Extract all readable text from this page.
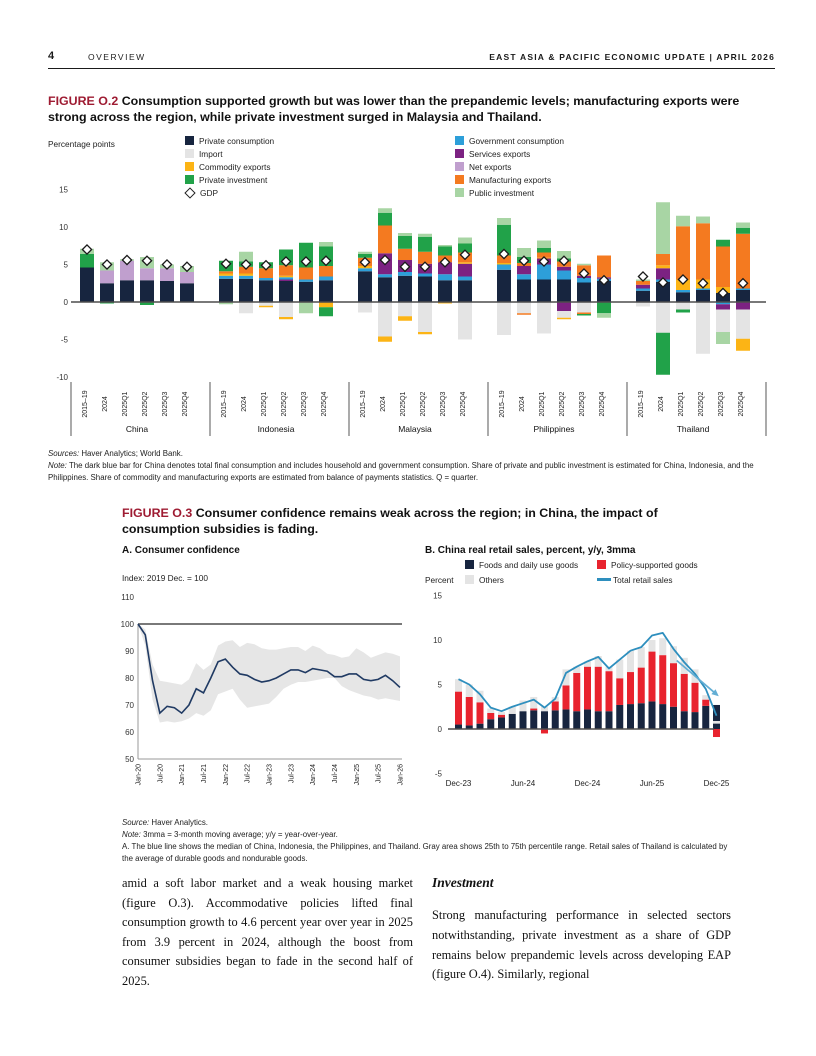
4	OVERVIEW	EAST ASIA & PACIFIC ECONOMIC UPDATE | APRIL 2026
FIGURE O.2 Consumption supported growth but was lower than the prepandemic levels; manufacturing exports were strong across the region, while private investment surged in Malaysia and Thailand.
Percentage points	Private consumption
Import
Commodity exports
Private investment
GDP
Government consumption
Services exports
Net exports
Manufacturing exports
Public investment
15
10
5
0
-5
-10
2015–19 2024 2025Q1 2025Q2 2025Q3 2025Q4
China
2015–19 2024 2025Q1 2025Q2 2025Q3 2025Q4
Indonesia
2015–19 2024 2025Q1 2025Q2 2025Q3 2025Q4
Malaysia
2015–19 2024 2025Q1 2025Q2 2025Q3 2025Q4
Philippines
2015–19 2024 2025Q1 2025Q2 2025Q3 2025Q4
Thailand

Sources: Haver Analytics; World Bank.

Note: The dark blue bar for China denotes total final consumption and includes household and government consumption. Share of private and public investment is estimated for China, Indonesia, and the Philippines. Share of commodity and manufacturing exports are estimated from balance of payments statistics. Q = quarter.

FIGURE O.3 Consumer confidence remains weak across the region; in China, the impact of consumption subsidies is fading.
A. Consumer confidence	B. China real retail sales, percent, y/y, 3mma
Index: 2019 Dec. = 100	Percent
Foods and daily use goods
Others
Policy-supported goods
Total retail sales
110
100
90
80
70
60
50
Jan-20 Jul-20 Jan-21 Jul-21 Jan-22 Jul-22 Jan-23 Jul-23 Jan-24 Jul-24 Jan-25 Jul-25 Jan-26
15
10
5
0
-5
Dec-23	Jun-24	Dec-24	Jun-25	Dec-25

Source: Haver Analytics.

Note: 3mma = 3-month moving average; y/y = year-over-year.

A. The blue line shows the median of China, Indonesia, the Philippines, and Thailand. Gray area shows 25th to 75th percentile range. Retail sales of Thailand is calculated by the average of durable goods and nondurable goods.

amid a soft labor market and a weak housing market (figure O.3). Accommodative policies lifted final consumption growth to 4.6 percent year over year in 2025 from 3.9 percent in 2024, although the boost from consumer subsidies began to fade in the second half of 2025.

Investment

Strong manufacturing performance in selected sectors notwithstanding, private investment as a share of GDP remains below prepandemic levels across developing EAP (figure O.4). Similarly, regional
